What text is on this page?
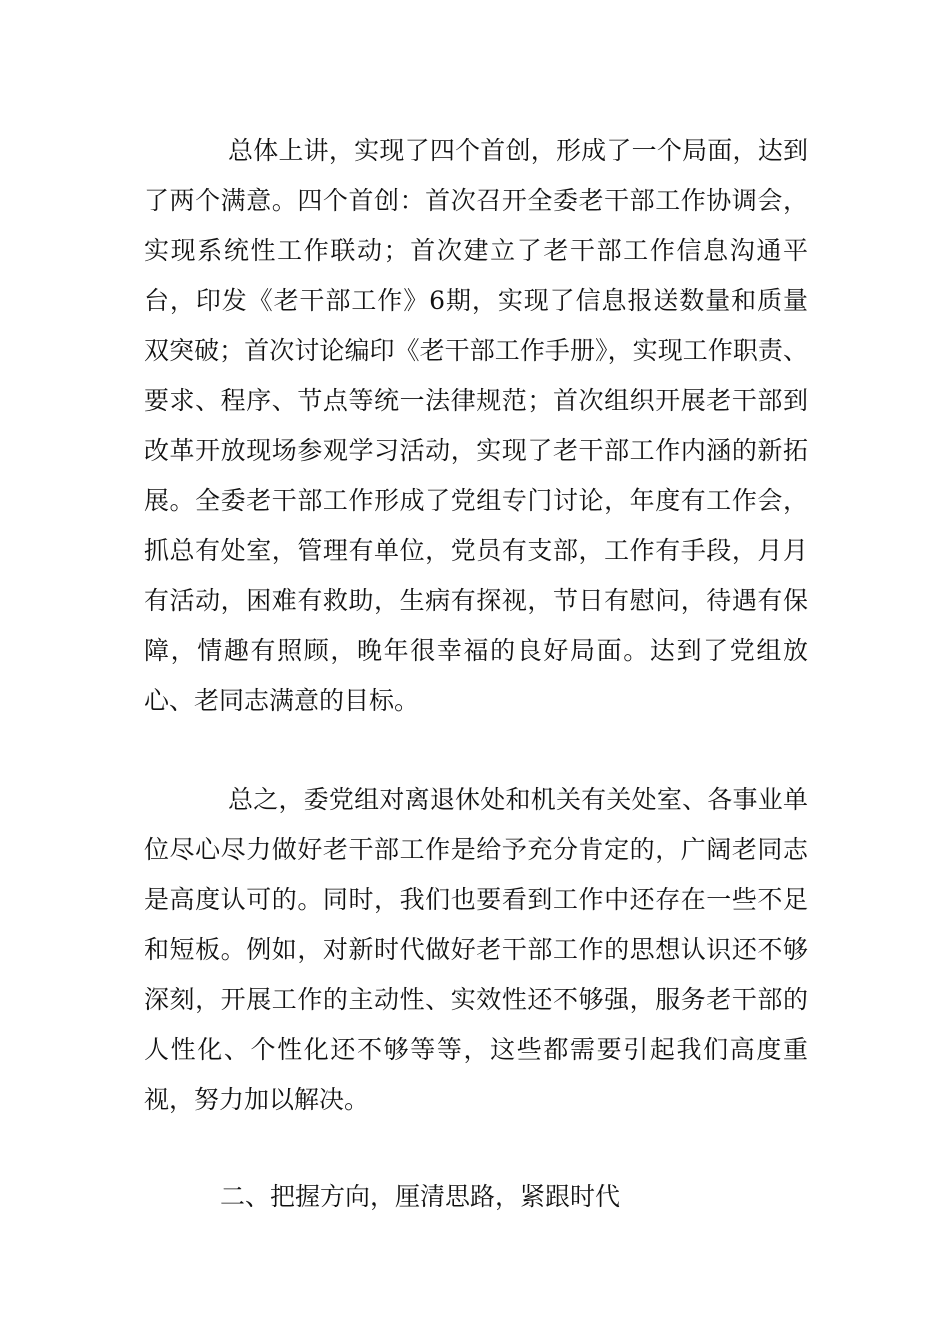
总体上讲，实现了四个首创，形成了一个局面，达到了两个满意。四个首创：首次召开全委老干部工作协调会，实现系统性工作联动；首次建立了老干部工作信息沟通平台，印发《老干部工作》6期，实现了信息报送数量和质量双突破；首次讨论编印《老干部工作手册》，实现工作职责、要求、程序、节点等统一法律规范；首次组织开展老干部到改革开放现场参观学习活动，实现了老干部工作内涵的新拓展。全委老干部工作形成了党组专门讨论，年度有工作会，抓总有处室，管理有单位，党员有支部，工作有手段，月月有活动，困难有救助，生病有探视，节日有慰问，待遇有保障，情趣有照顾，晚年很幸福的良好局面。达到了党组放心、老同志满意的目标。

总之，委党组对离退休处和机关有关处室、各事业单位尽心尽力做好老干部工作是给予充分肯定的，广阔老同志是高度认可的。同时，我们也要看到工作中还存在一些不足和短板。例如，对新时代做好老干部工作的思想认识还不够深刻，开展工作的主动性、实效性还不够强，服务老干部的人性化、个性化还不够等等，这些都需要引起我们高度重视，努力加以解决。

二、把握方向，厘清思路，紧跟时代
